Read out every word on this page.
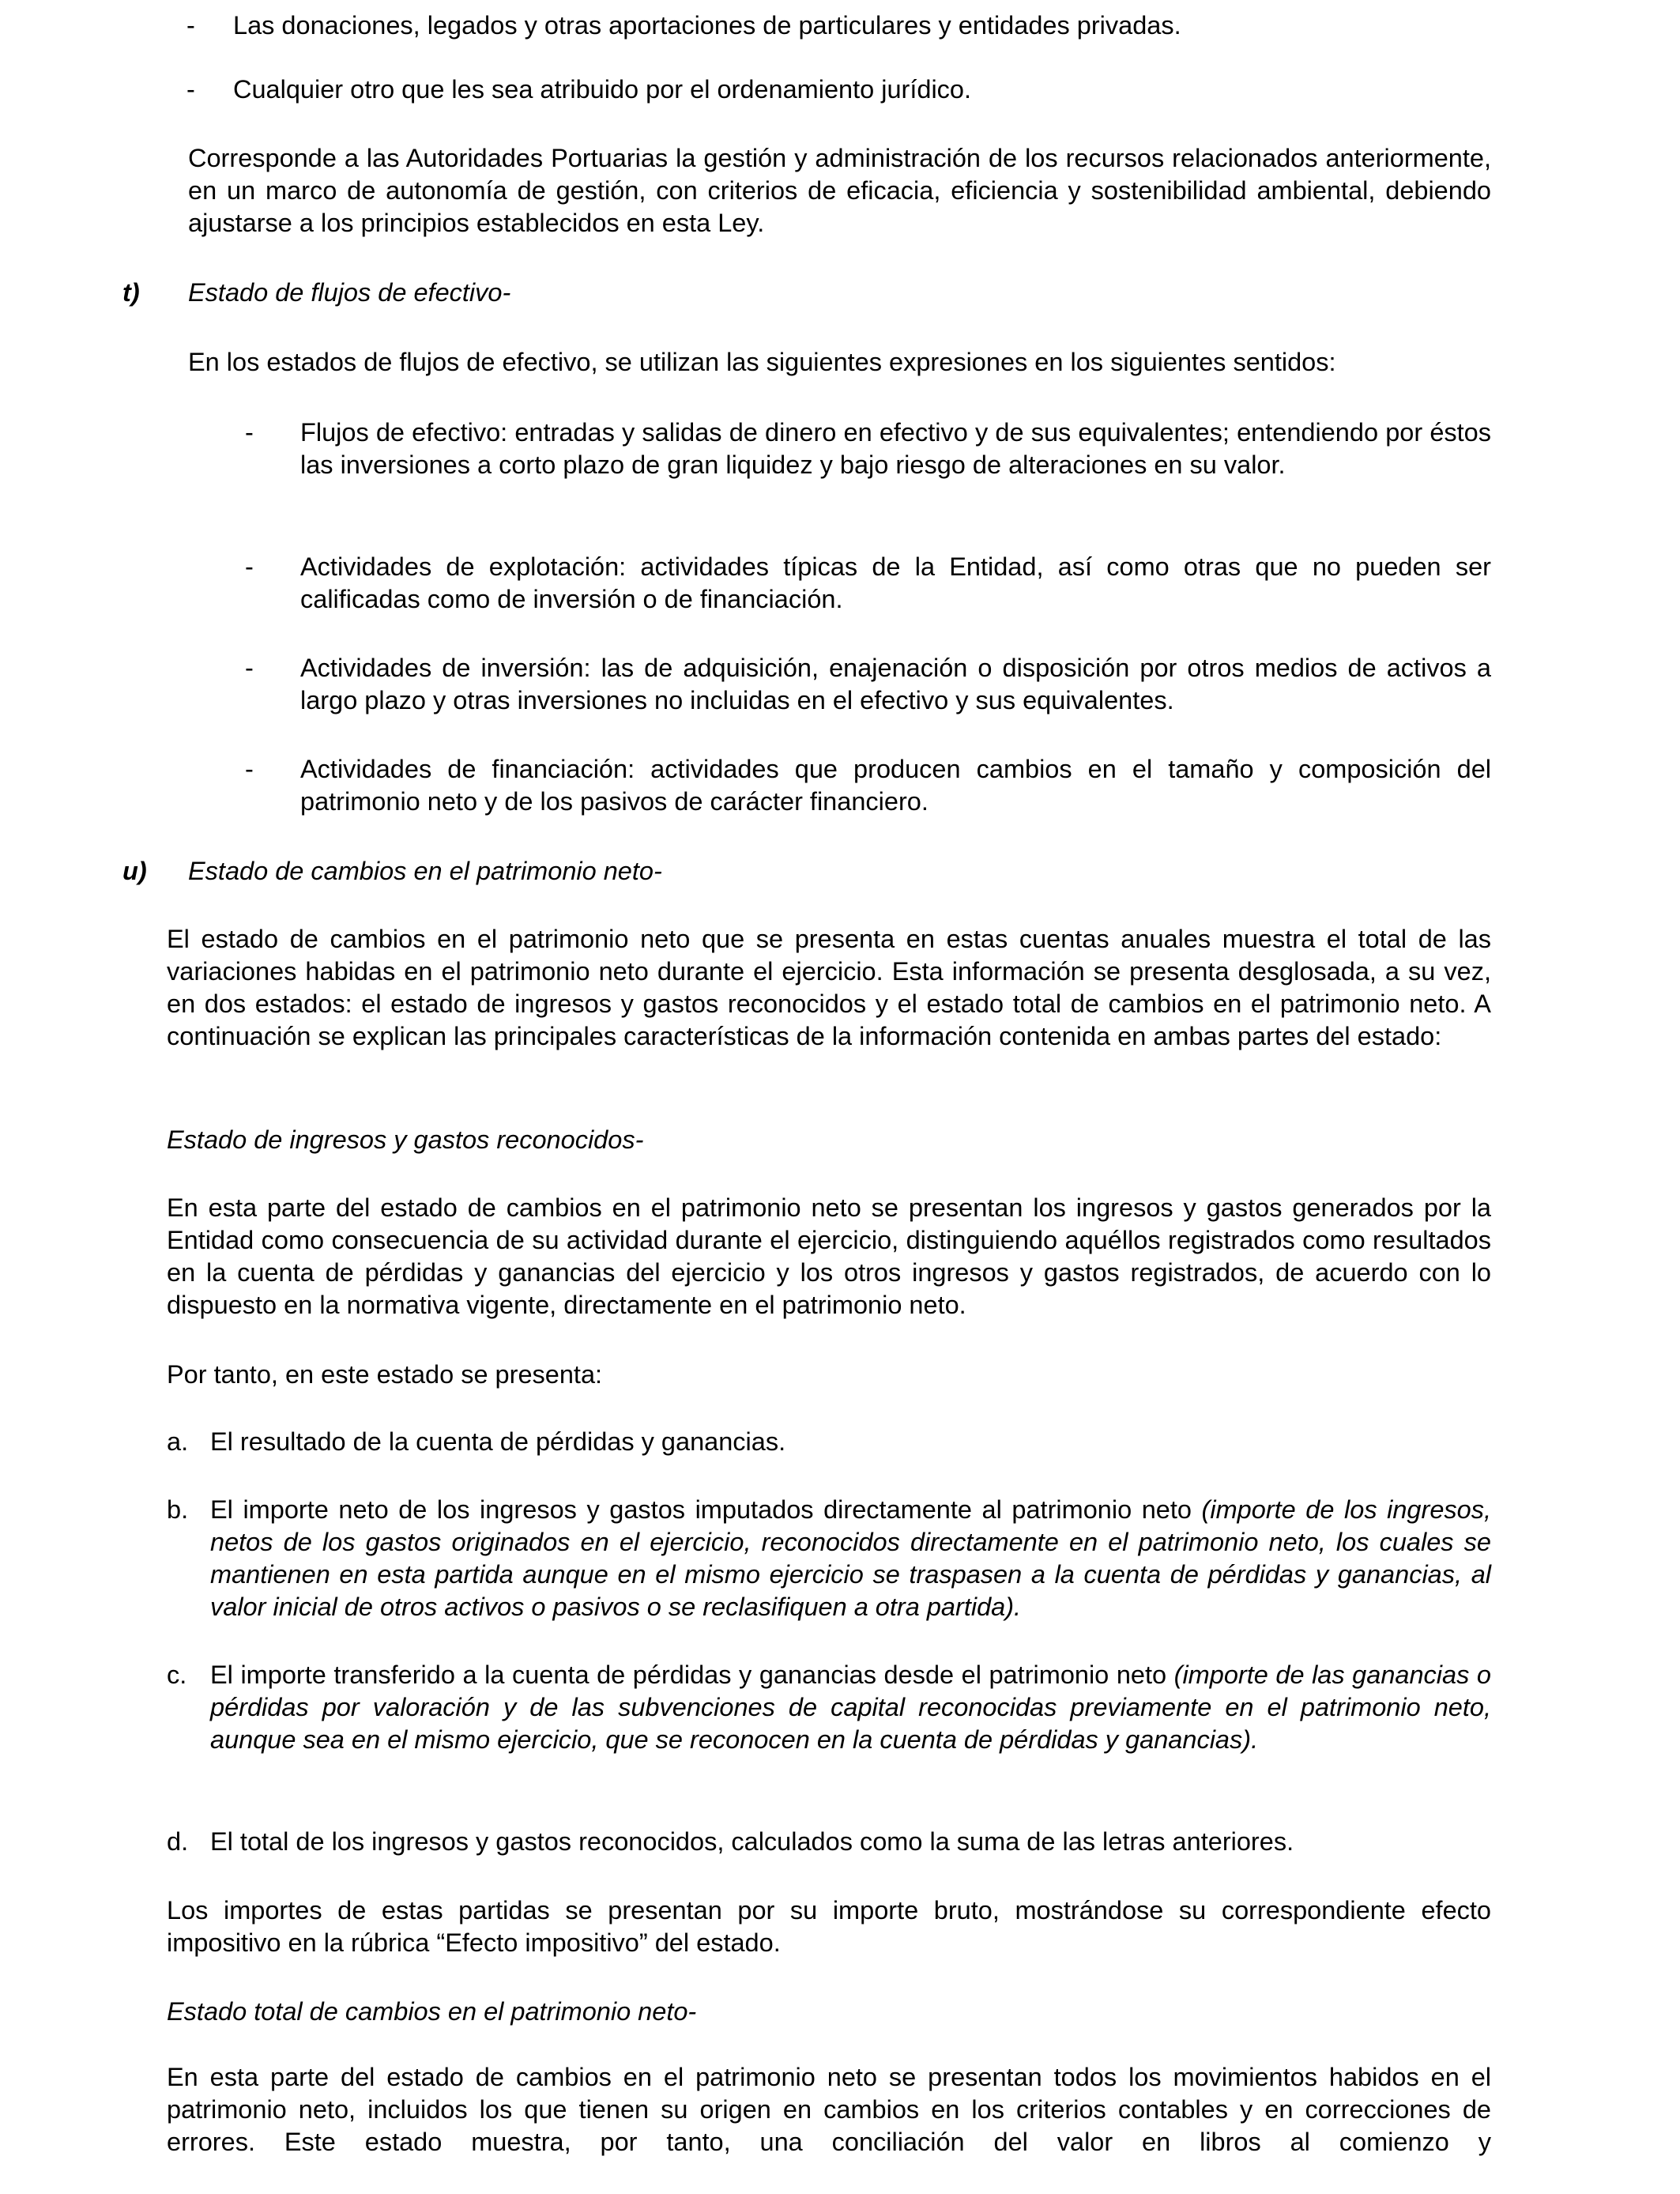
- Las donaciones, legados y otras aportaciones de particulares y entidades privadas.

- Cualquier otro que les sea atribuido por el ordenamiento jurídico.

Corresponde a las Autoridades Portuarias la gestión y administración de los recursos relacionados anteriormente, en un marco de autonomía de gestión, con criterios de eficacia, eficiencia y sostenibilidad ambiental, debiendo ajustarse a los principios establecidos en esta Ley.

t) Estado de flujos de efectivo-

En los estados de flujos de efectivo, se utilizan las siguientes expresiones en los siguientes sentidos:

- Flujos de efectivo: entradas y salidas de dinero en efectivo y de sus equivalentes; entendiendo por éstos las inversiones a corto plazo de gran liquidez y bajo riesgo de alteraciones en su valor.

- Actividades de explotación: actividades típicas de la Entidad, así como otras que no pueden ser calificadas como de inversión o de financiación.

- Actividades de inversión: las de adquisición, enajenación o disposición por otros medios de activos a largo plazo y otras inversiones no incluidas en el efectivo y sus equivalentes.

- Actividades de financiación: actividades que producen cambios en el tamaño y composición del patrimonio neto y de los pasivos de carácter financiero.

u) Estado de cambios en el patrimonio neto-

El estado de cambios en el patrimonio neto que se presenta en estas cuentas anuales muestra el total de las variaciones habidas en el patrimonio neto durante el ejercicio. Esta información se presenta desglosada, a su vez, en dos estados: el estado de ingresos y gastos reconocidos y el estado total de cambios en el patrimonio neto. A continuación se explican las principales características de la información contenida en ambas partes del estado:

Estado de ingresos y gastos reconocidos-

En esta parte del estado de cambios en el patrimonio neto se presentan los ingresos y gastos generados por la Entidad como consecuencia de su actividad durante el ejercicio, distinguiendo aquéllos registrados como resultados en la cuenta de pérdidas y ganancias del ejercicio y los otros ingresos y gastos registrados, de acuerdo con lo dispuesto en la normativa vigente, directamente en el patrimonio neto.

Por tanto, en este estado se presenta:

a. El resultado de la cuenta de pérdidas y ganancias.

b. El importe neto de los ingresos y gastos imputados directamente al patrimonio neto (importe de los ingresos, netos de los gastos originados en el ejercicio, reconocidos directamente en el patrimonio neto, los cuales se mantienen en esta partida aunque en el mismo ejercicio se traspasen a la cuenta de pérdidas y ganancias, al valor inicial de otros activos o pasivos o se reclasifiquen a otra partida).

c. El importe transferido a la cuenta de pérdidas y ganancias desde el patrimonio neto (importe de las ganancias o pérdidas por valoración y de las subvenciones de capital reconocidas previamente en el patrimonio neto, aunque sea en el mismo ejercicio, que se reconocen en la cuenta de pérdidas y ganancias).

d. El total de los ingresos y gastos reconocidos, calculados como la suma de las letras anteriores.

Los importes de estas partidas se presentan por su importe bruto, mostrándose su correspondiente efecto impositivo en la rúbrica “Efecto impositivo” del estado.

Estado total de cambios en el patrimonio neto-

En esta parte del estado de cambios en el patrimonio neto se presentan todos los movimientos habidos en el patrimonio neto, incluidos los que tienen su origen en cambios en los criterios contables y en correcciones de errores. Este estado muestra, por tanto, una conciliación del valor en libros al comienzo y
